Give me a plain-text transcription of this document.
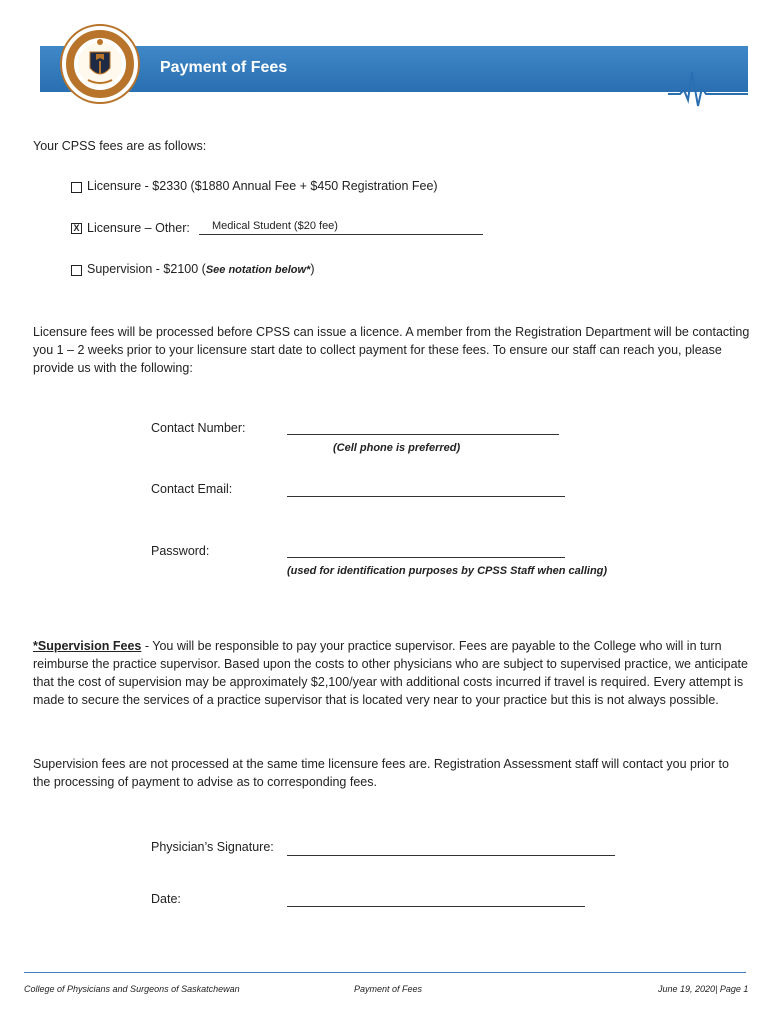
Payment of Fees
Your CPSS fees are as follows:
Licensure - $2330 ($1880 Annual Fee + $450 Registration Fee)
X Licensure – Other: Medical Student ($20 fee)
Supervision - $2100 (See notation below*)
Licensure fees will be processed before CPSS can issue a licence. A member from the Registration Department will be contacting you 1 – 2 weeks prior to your licensure start date to collect payment for these fees. To ensure our staff can reach you, please provide us with the following:
Contact Number:
(Cell phone is preferred)
Contact Email:
Password:
(used for identification purposes by CPSS Staff when calling)
*Supervision Fees - You will be responsible to pay your practice supervisor. Fees are payable to the College who will in turn reimburse the practice supervisor. Based upon the costs to other physicians who are subject to supervised practice, we anticipate that the cost of supervision may be approximately $2,100/year with additional costs incurred if travel is required. Every attempt is made to secure the services of a practice supervisor that is located very near to your practice but this is not always possible.
Supervision fees are not processed at the same time licensure fees are. Registration Assessment staff will contact you prior to the processing of payment to advise as to corresponding fees.
Physician’s Signature:
Date:
College of Physicians and Surgeons of Saskatchewan	Payment of Fees	June 19, 2020| Page 1
